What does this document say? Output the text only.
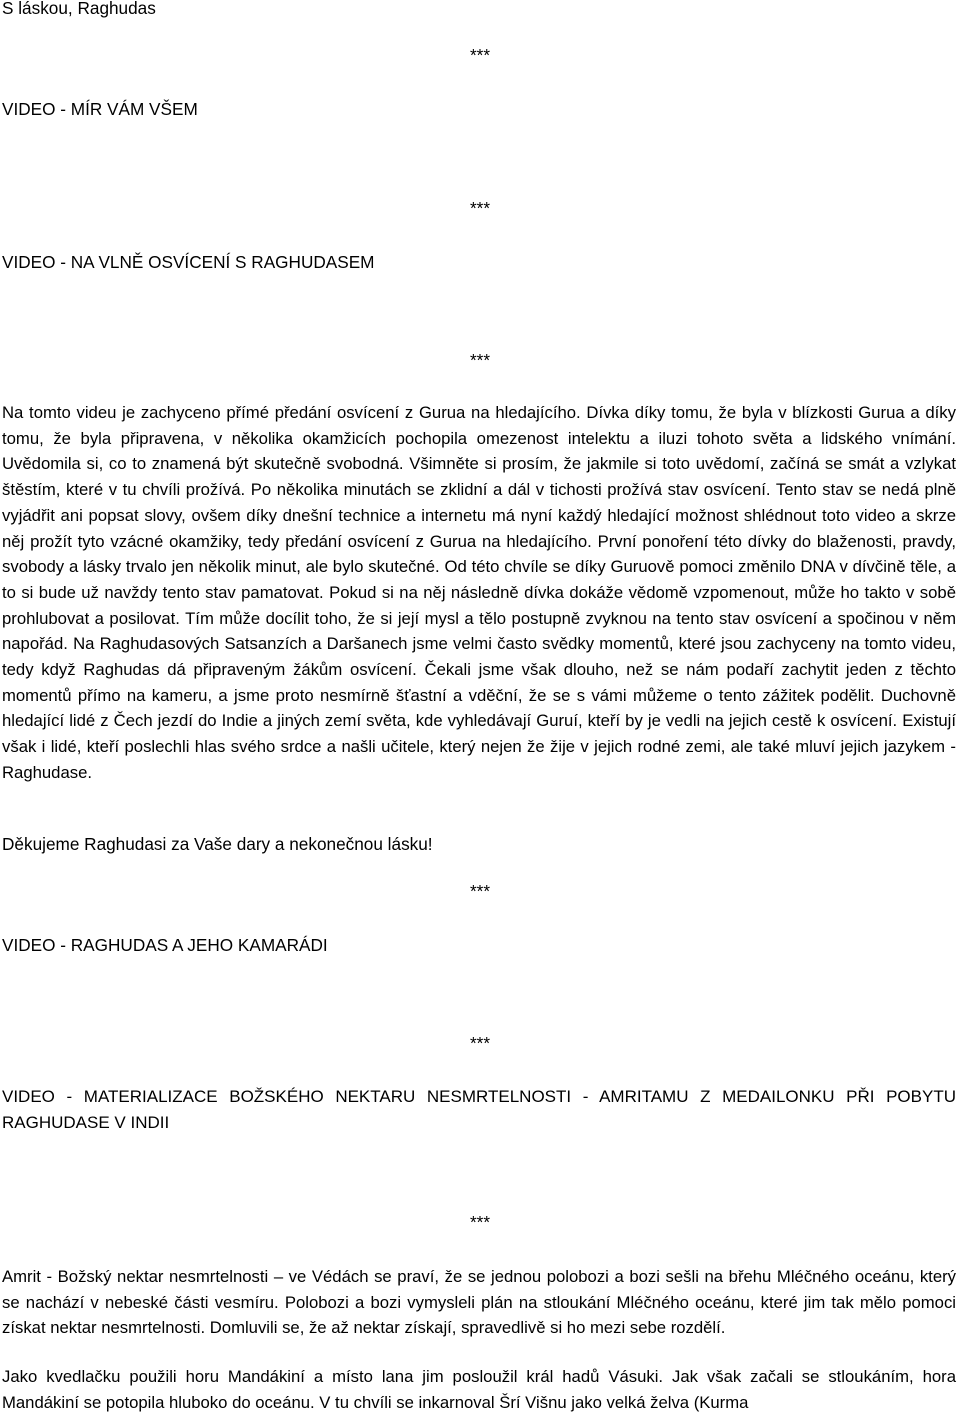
S láskou, Raghudas
***
VIDEO - MÍR VÁM VŠEM
***
VIDEO - NA VLNĚ OSVÍCENÍ S RAGHUDASEM
***
Na tomto videu je zachyceno přímé předání osvícení z Gurua na hledajícího. Dívka díky tomu, že byla v blízkosti Gurua a díky tomu, že byla připravena, v několika okamžicích pochopila omezenost intelektu a iluzi tohoto světa a lidského vnímání. Uvědomila si, co to znamená být skutečně svobodná. Všimněte si prosím, že jakmile si toto uvědomí, začíná se smát a vzlykat štěstím, které v tu chvíli prožívá. Po několika minutách se zklidní a dál v tichosti prožívá stav osvícení. Tento stav se nedá plně vyjádřit ani popsat slovy, ovšem díky dnešní technice a internetu má nyní každý hledající možnost shlédnout toto video a skrze něj prožít tyto vzácné okamžiky, tedy předání osvícení z Gurua na hledajícího. První ponoření této dívky do blaženosti, pravdy, svobody a lásky trvalo jen několik minut, ale bylo skutečné. Od této chvíle se díky Guruově pomoci změnilo DNA v dívčině těle, a to si bude už navždy tento stav pamatovat. Pokud si na něj následně dívka dokáže vědomě vzpomenout, může ho takto v sobě prohlubovat a posilovat. Tím může docílit toho, že si její mysl a tělo postupně zvyknou na tento stav osvícení a spočinou v něm napořád. Na Raghudasových Satsanzích a Daršanech jsme velmi často svědky momentů, které jsou zachyceny na tomto videu, tedy když Raghudas dá připraveným žákům osvícení. Čekali jsme však dlouho, než se nám podaří zachytit jeden z těchto momentů přímo na kameru, a jsme proto nesmírně šťastní a vděční, že se s vámi můžeme o tento zážitek podělit. Duchovně hledající lidé z Čech jezdí do Indie a jiných zemí světa, kde vyhledávají Guruí, kteří by je vedli na jejich cestě k osvícení. Existují však i lidé, kteří poslechli hlas svého srdce a našli učitele, který nejen že žije v jejich rodné zemi, ale také mluví jejich jazykem - Raghudase.
Děkujeme Raghudasi za Vaše dary a nekonečnou lásku!
***
VIDEO - RAGHUDAS A JEHO KAMARÁDI
***
VIDEO - MATERIALIZACE BOŽSKÉHO NEKTARU NESMRTELNOSTI - AMRITAMU Z MEDAILONKU PŘI POBYTU RAGHUDASE V INDII
***
Amrit - Božský nektar nesmrtelnosti – ve Védách se praví, že se jednou polobozi a bozi sešli na břehu Mléčného oceánu, který se nachází v nebeské části vesmíru. Polobozi a bozi vymysleli plán na stloukání Mléčného oceánu, které jim tak mělo pomoci získat nektar nesmrtelnosti. Domluvili se, že až nektar získají, spravedlivě si ho mezi sebe rozdělí.
Jako kvedlačku použili horu Mandákiní a místo lana jim posloužil král hadů Vásuki. Jak však začali se stloukáním, hora Mandákiní se potopila hluboko do oceánu. V tu chvíli se inkarnoval Šrí Višnu jako velká želva (Kurma
